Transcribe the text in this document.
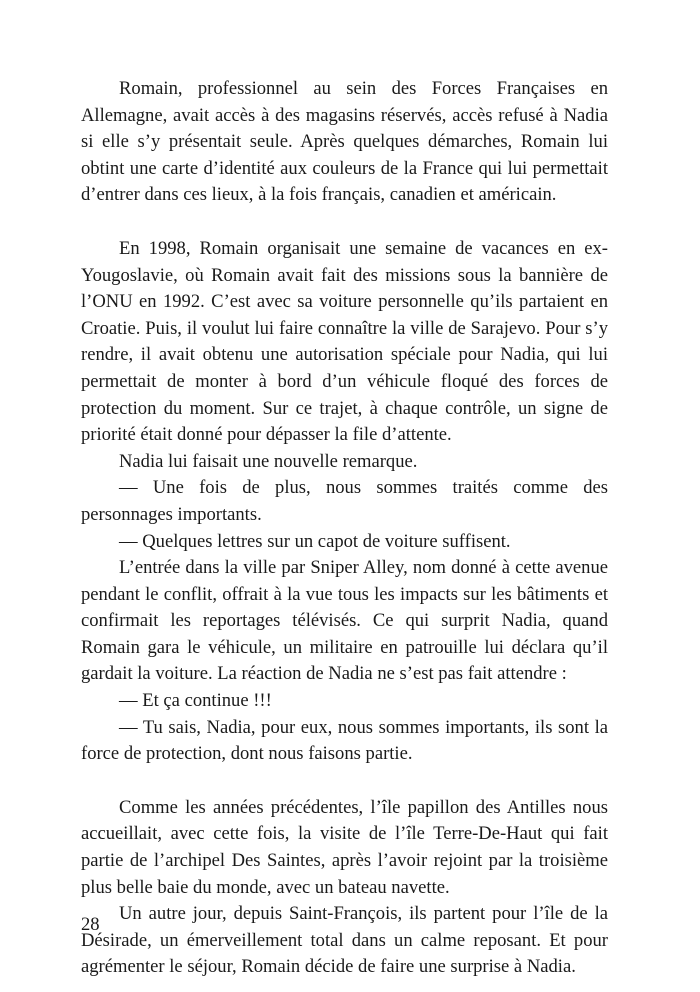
Romain, professionnel au sein des Forces Françaises en Allemagne, avait accès à des magasins réservés, accès refusé à Nadia si elle s’y présentait seule. Après quelques démarches, Romain lui obtint une carte d’identité aux couleurs de la France qui lui permettait d’entrer dans ces lieux, à la fois français, canadien et américain.

En 1998, Romain organisait une semaine de vacances en ex-Yougoslavie, où Romain avait fait des missions sous la bannière de l’ONU en 1992. C’est avec sa voiture personnelle qu’ils partaient en Croatie. Puis, il voulut lui faire connaître la ville de Sarajevo. Pour s’y rendre, il avait obtenu une autorisation spéciale pour Nadia, qui lui permettait de monter à bord d’un véhicule floqué des forces de protection du moment. Sur ce trajet, à chaque contrôle, un signe de priorité était donné pour dépasser la file d’attente.

Nadia lui faisait une nouvelle remarque.

— Une fois de plus, nous sommes traités comme des personnages importants.

— Quelques lettres sur un capot de voiture suffisent.

L’entrée dans la ville par Sniper Alley, nom donné à cette avenue pendant le conflit, offrait à la vue tous les impacts sur les bâtiments et confirmait les reportages télévisés. Ce qui surprit Nadia, quand Romain gara le véhicule, un militaire en patrouille lui déclara qu’il gardait la voiture. La réaction de Nadia ne s’est pas fait attendre :

— Et ça continue !!!

— Tu sais, Nadia, pour eux, nous sommes importants, ils sont la force de protection, dont nous faisons partie.

Comme les années précédentes, l’île papillon des Antilles nous accueillait, avec cette fois, la visite de l’île Terre-De-Haut qui fait partie de l’archipel Des Saintes, après l’avoir rejoint par la troisième plus belle baie du monde, avec un bateau navette.

Un autre jour, depuis Saint-François, ils partent pour l’île de la Désirade, un émerveillement total dans un calme reposant. Et pour agrémenter le séjour, Romain décide de faire une surprise à Nadia.

28
